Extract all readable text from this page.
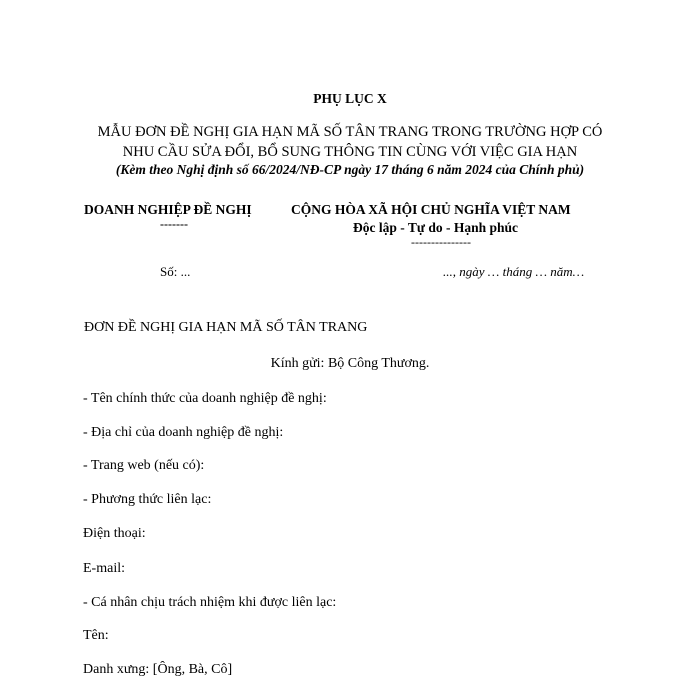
PHỤ LỤC X
MẪU ĐƠN ĐỀ NGHỊ GIA HẠN MÃ SỐ TÂN TRANG TRONG TRƯỜNG HỢP CÓ
NHU CẦU SỬA ĐỔI, BỔ SUNG THÔNG TIN CÙNG VỚI VIỆC GIA HẠN
(Kèm theo Nghị định số 66/2024/NĐ-CP ngày 17 tháng 6 năm 2024 của Chính phủ)
DOANH NGHIỆP ĐỀ NGHỊ
-------
CỘNG HÒA XÃ HỘI CHỦ NGHĨA VIỆT NAM
Độc lập - Tự do - Hạnh phúc
---------------
Số: ...	..., ngày … tháng … năm…
ĐƠN ĐỀ NGHỊ GIA HẠN MÃ SỐ TÂN TRANG
Kính gửi: Bộ Công Thương.
- Tên chính thức của doanh nghiệp đề nghị:
- Địa chỉ của doanh nghiệp đề nghị:
- Trang web (nếu có):
- Phương thức liên lạc:
Điện thoại:
E-mail:
- Cá nhân chịu trách nhiệm khi được liên lạc:
Tên:
Danh xưng: [Ông, Bà, Cô]
